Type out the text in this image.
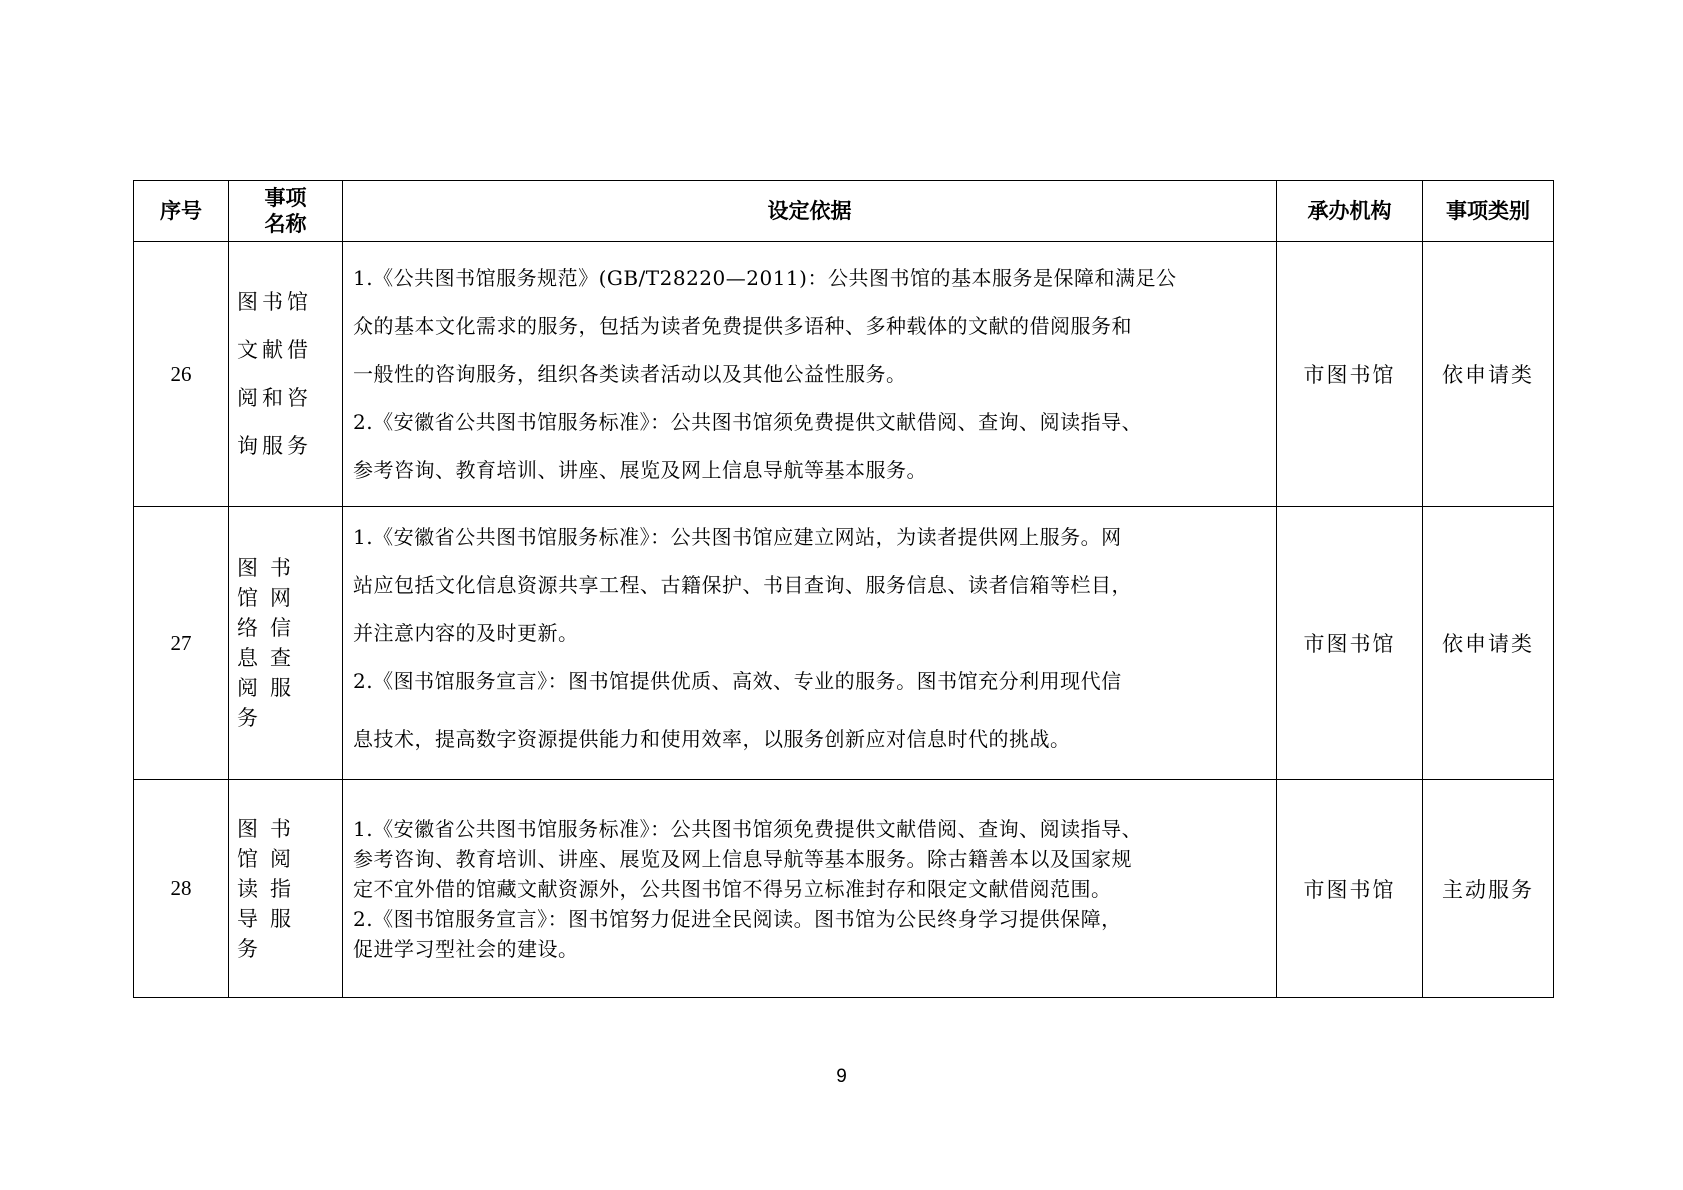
序号	事项名称	设定依据	承办机构	事项类别
26	图书馆文献借阅和咨询服务	1.《公共图书馆服务规范》(GB/T28220—2011)：公共图书馆的基本服务是保障和满足公
众的基本文化需求的服务，包括为读者免费提供多语种、多种载体的文献的借阅服务和
一般性的咨询服务，组织各类读者活动以及其他公益性服务。
2.《安徽省公共图书馆服务标准》：公共图书馆须免费提供文献借阅、查询、阅读指导、
参考咨询、教育培训、讲座、展览及网上信息导航等基本服务。	市图书馆	依申请类
27	图书馆网络信息查阅服务	1.《安徽省公共图书馆服务标准》：公共图书馆应建立网站，为读者提供网上服务。网
站应包括文化信息资源共享工程、古籍保护、书目查询、服务信息、读者信箱等栏目，
并注意内容的及时更新。
2.《图书馆服务宣言》：图书馆提供优质、高效、专业的服务。图书馆充分利用现代信
息技术，提高数字资源提供能力和使用效率，以服务创新应对信息时代的挑战。	市图书馆	依申请类
28	图书馆阅读指导服务	1.《安徽省公共图书馆服务标准》：公共图书馆须免费提供文献借阅、查询、阅读指导、
参考咨询、教育培训、讲座、展览及网上信息导航等基本服务。除古籍善本以及国家规
定不宜外借的馆藏文献资源外，公共图书馆不得另立标准封存和限定文献借阅范围。
2.《图书馆服务宣言》：图书馆努力促进全民阅读。图书馆为公民终身学习提供保障，
促进学习型社会的建设。	市图书馆	主动服务
9
